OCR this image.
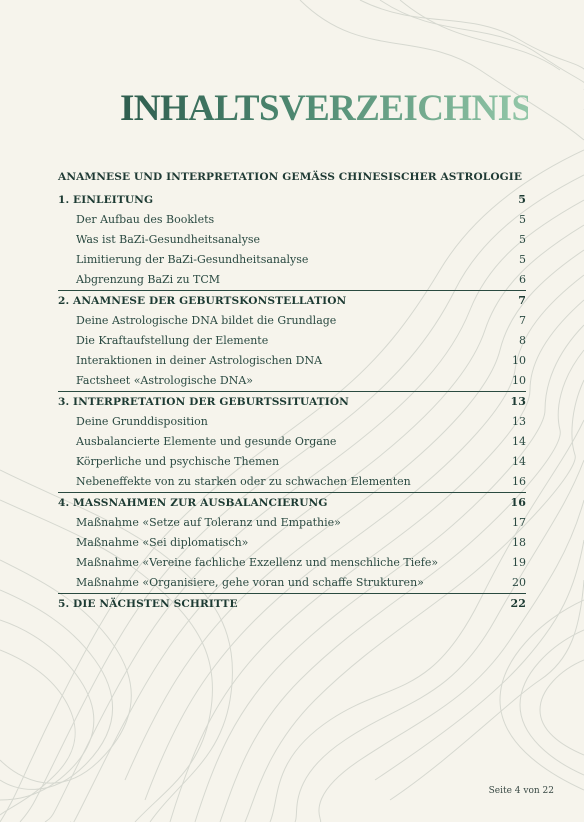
INHALTSVERZEICHNIS
ANAMNESE UND INTERPRETATION GEMÄSS CHINESISCHER ASTROLOGIE
1. EINLEITUNG	5
Der Aufbau des Booklets	5
Was ist BaZi-Gesundheitsanalyse	5
Limitierung der BaZi-Gesundheitsanalyse	5
Abgrenzung BaZi zu TCM	6
2. ANAMNESE DER GEBURTSKONSTELLATION	7
Deine Astrologische DNA bildet die Grundlage	7
Die Kraftaufstellung der Elemente	8
Interaktionen in deiner Astrologischen DNA	10
Factsheet «Astrologische DNA»	10
3. INTERPRETATION DER GEBURTSSITUATION	13
Deine Grunddisposition	13
Ausbalancierte Elemente und gesunde Organe	14
Körperliche und psychische Themen	14
Nebeneffekte von zu starken oder zu schwachen Elementen	16
4. MASSNAHMEN ZUR AUSBALANCIERUNG	16
Maßnahme «Setze auf Toleranz und Empathie»	17
Maßnahme «Sei diplomatisch»	18
Maßnahme «Vereine fachliche Exzellenz und menschliche Tiefe»	19
Maßnahme «Organisiere, gehe voran und schaffe Strukturen»	20
5. DIE NÄCHSTEN SCHRITTE	22
Seite 4 von 22
